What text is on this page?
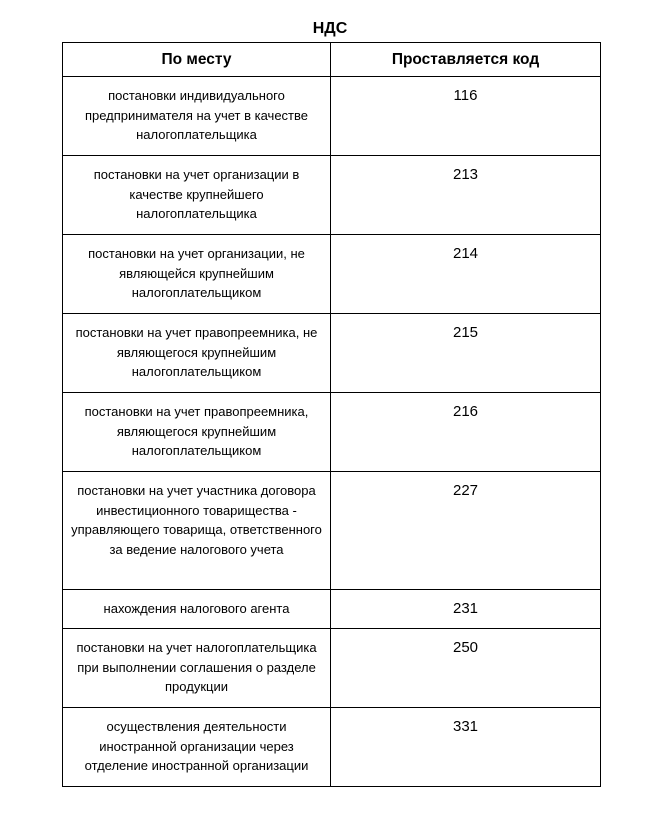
НДС
По месту	Проставляется код
постановки индивидуального предпринимателя на учет в качестве налогоплательщика	116
постановки на учет организации в качестве крупнейшего налогоплательщика	213
постановки на учет организации, не являющейся крупнейшим налогоплательщиком	214
постановки на учет правопреемника, не являющегося крупнейшим налогоплательщиком	215
постановки на учет правопреемника, являющегося крупнейшим налогоплательщиком	216
постановки на учет участника договора инвестиционного товарищества - управляющего товарища, ответственного за ведение налогового учета	227
нахождения налогового агента	231
постановки на учет налогоплательщика при выполнении соглашения о разделе продукции	250
осуществления деятельности иностранной организации через отделение иностранной организации	331
